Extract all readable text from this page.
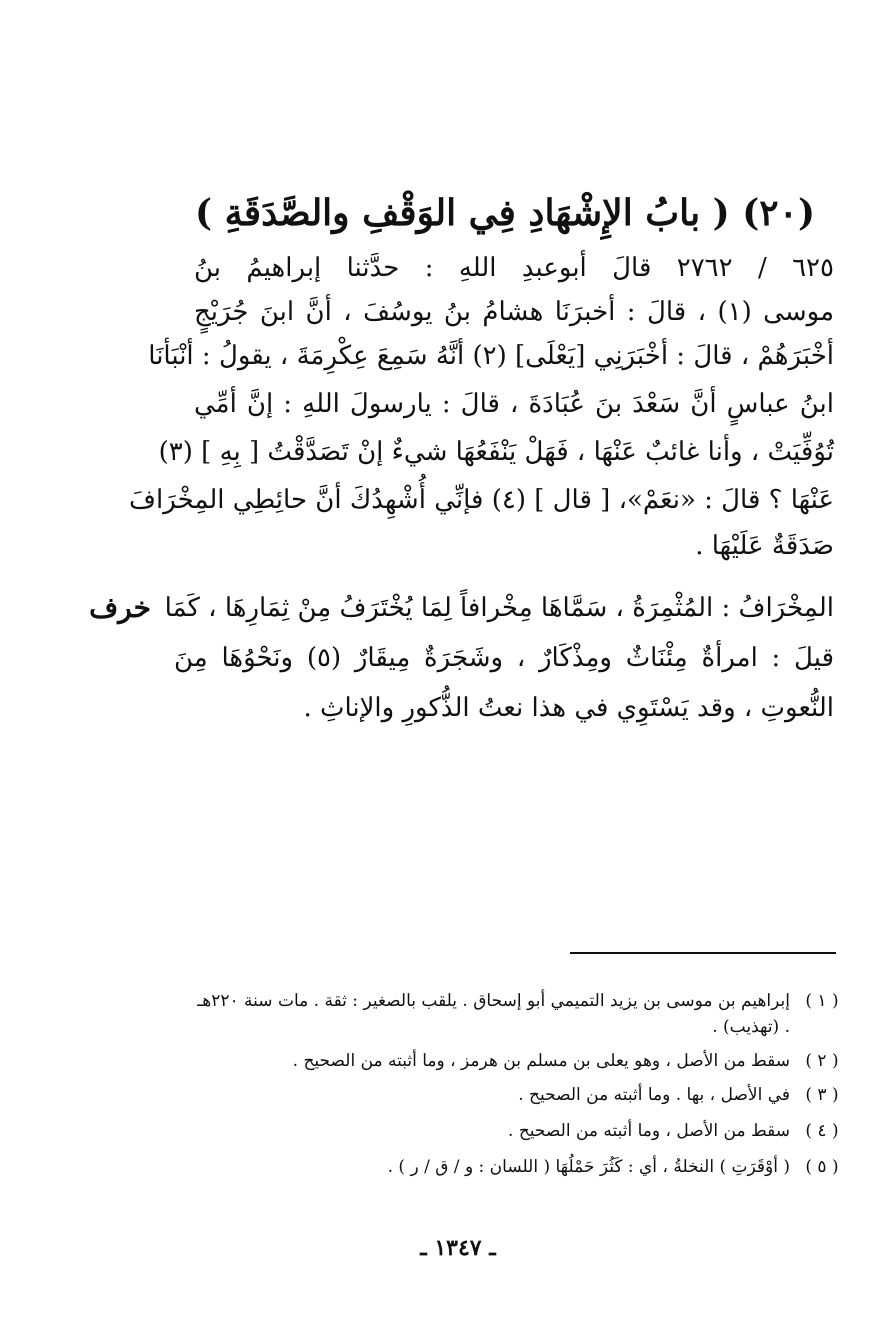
(٢٠) ( بابُ الإِشْهَادِ فِي الوَقْفِ والصَّدَقَةِ )
٦٢٥ / ٢٧٦٢ قالَ أبوعبدِ اللهِ : حدَّثنا إبراهيمُ بنُ
موسى (١) ، قالَ : أخبرَنَا هشامُ بنُ يوسُفَ ، أنَّ ابنَ جُرَيْجٍ
أخْبَرَهُمْ ، قالَ : أخْبَرَنِي [يَعْلَى] (٢) أنَّهُ سَمِعَ عِكْرِمَةَ ، يقولُ : أنْبَأنَا
ابنُ عباسٍ أنَّ سَعْدَ بنَ عُبَادَةَ ، قالَ : يارسولَ اللهِ : إنَّ أمِّي
تُوُفِّيَتْ ، وأنا غائبٌ عَنْهَا ، فَهَلْ يَنْفَعُهَا شيءٌ إنْ تَصَدَّقْتُ [ بِهِ ] (٣)
عَنْهَا ؟ قالَ : «نعَمْ»، [ قال ] (٤) فإنِّي أُشْهِدُكَ أنَّ حائِطِي المِخْرَافَ
صَدَقَةٌ عَلَيْهَا .
خرف المِخْرَافُ : المُثْمِرَةُ ، سَمَّاهَا مِخْرافاً لِمَا يُخْتَرَفُ مِنْ ثِمَارِهَا ، كَمَا
قيلَ : امرأةٌ مِئْنَاثٌ ومِذْكَارٌ ، وشَجَرَةٌ مِيقَارٌ (٥) ونَحْوُهَا مِنَ
النُّعوتِ ، وقد يَسْتَوِي في هذا نعتُ الذُّكورِ والإناثِ .
( ١ )
إبراهيم بن موسى بن يزيد التميمي أبو إسحاق . يلقب بالصغير : ثقة . مات سنة ٢٢٠هـ . (تهذيب) .
( ٢ )
سقط من الأصل ، وهو يعلى بن مسلم بن هرمز ، وما أثبته من الصحيح .
( ٣ )
في الأصل ، بها . وما أثبته من الصحيح .
( ٤ )
سقط من الأصل ، وما أثبته من الصحيح .
( ٥ )
( أوْقَرَتِ ) النخلةُ ، أي : كَثُرَ حَمْلُهَا ( اللسان : و / ق / ر ) .
ـ ١٣٤٧ ـ
